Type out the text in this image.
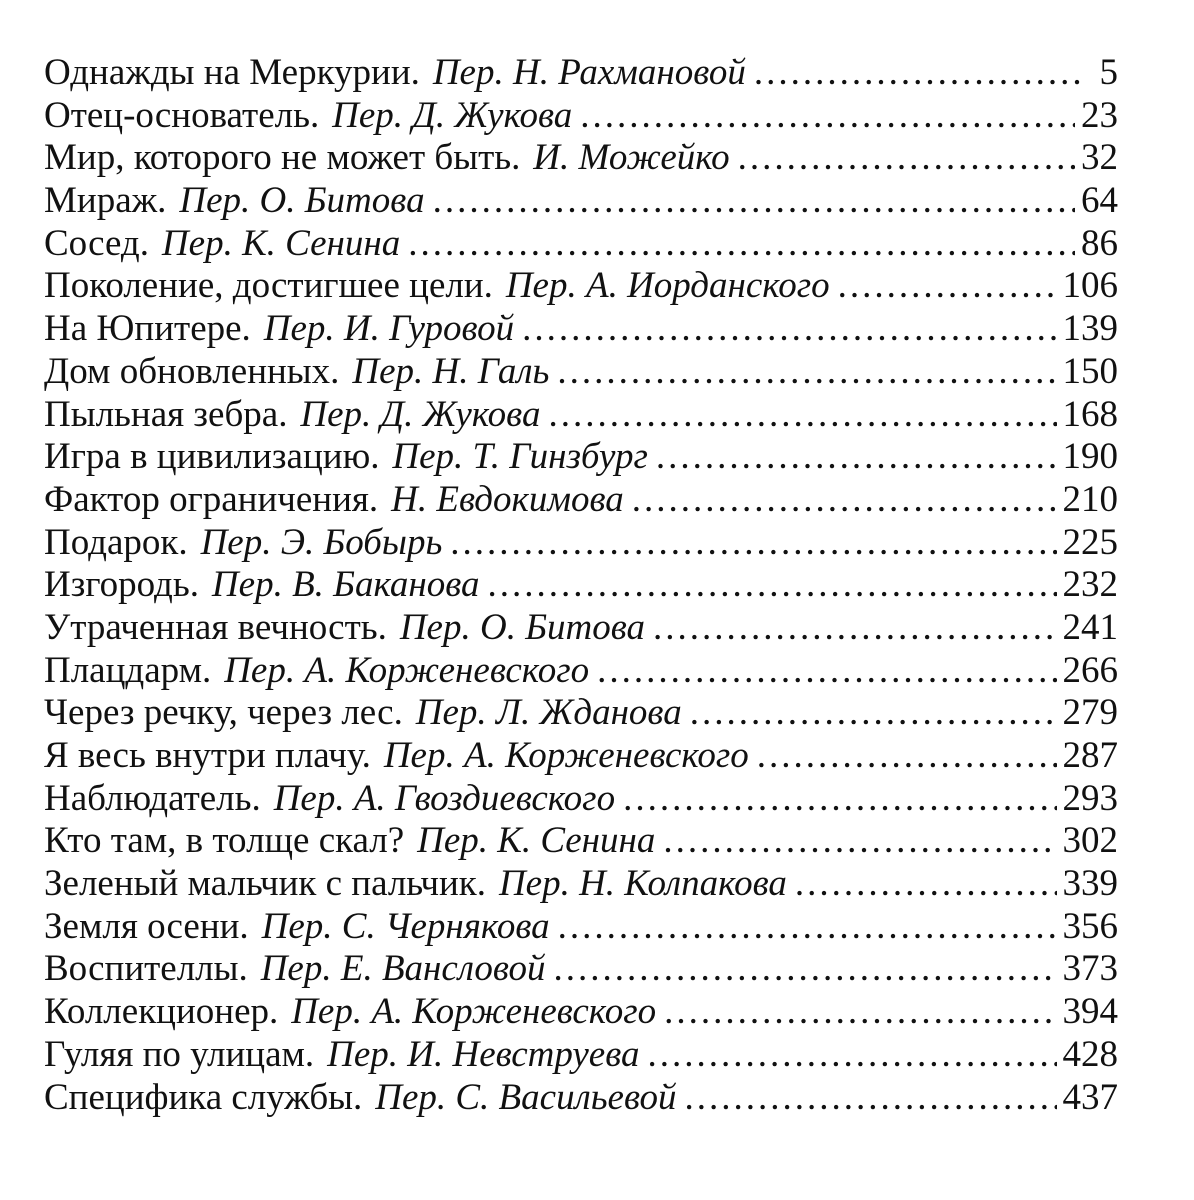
Однажды на Меркурии. Пер. Н. Рахмановой .....	5
Отец-основатель. Пер. Д. Жукова .....	23
Мир, которого не может быть. И. Можейко .....	32
Мираж. Пер. О. Битова .....	64
Сосед. Пер. К. Сенина .....	86
Поколение, достигшее цели. Пер. А. Иорданского .....	106
На Юпитере. Пер. И. Гуровой .....	139
Дом обновленных. Пер. Н. Галь .....	150
Пыльная зебра. Пер. Д. Жукова .....	168
Игра в цивилизацию. Пер. Т. Гинзбург .....	190
Фактор ограничения. Н. Евдокимова .....	210
Подарок. Пер. Э. Бобырь .....	225
Изгородь. Пер. В. Баканова .....	232
Утраченная вечность. Пер. О. Битова .....	241
Плацдарм. Пер. А. Корженевского .....	266
Через речку, через лес. Пер. Л. Жданова .....	279
Я весь внутри плачу. Пер. А. Корженевского .....	287
Наблюдатель. Пер. А. Гвоздиевского .....	293
Кто там, в толще скал? Пер. К. Сенина .....	302
Зеленый мальчик с пальчик. Пер. Н. Колпакова .....	339
Земля осени. Пер. С. Чернякова .....	356
Воспителлы. Пер. Е. Вансловой .....	373
Коллекционер. Пер. А. Корженевского .....	394
Гуляя по улицам. Пер. И. Невструева .....	428
Специфика службы. Пер. С. Васильевой .....	437
